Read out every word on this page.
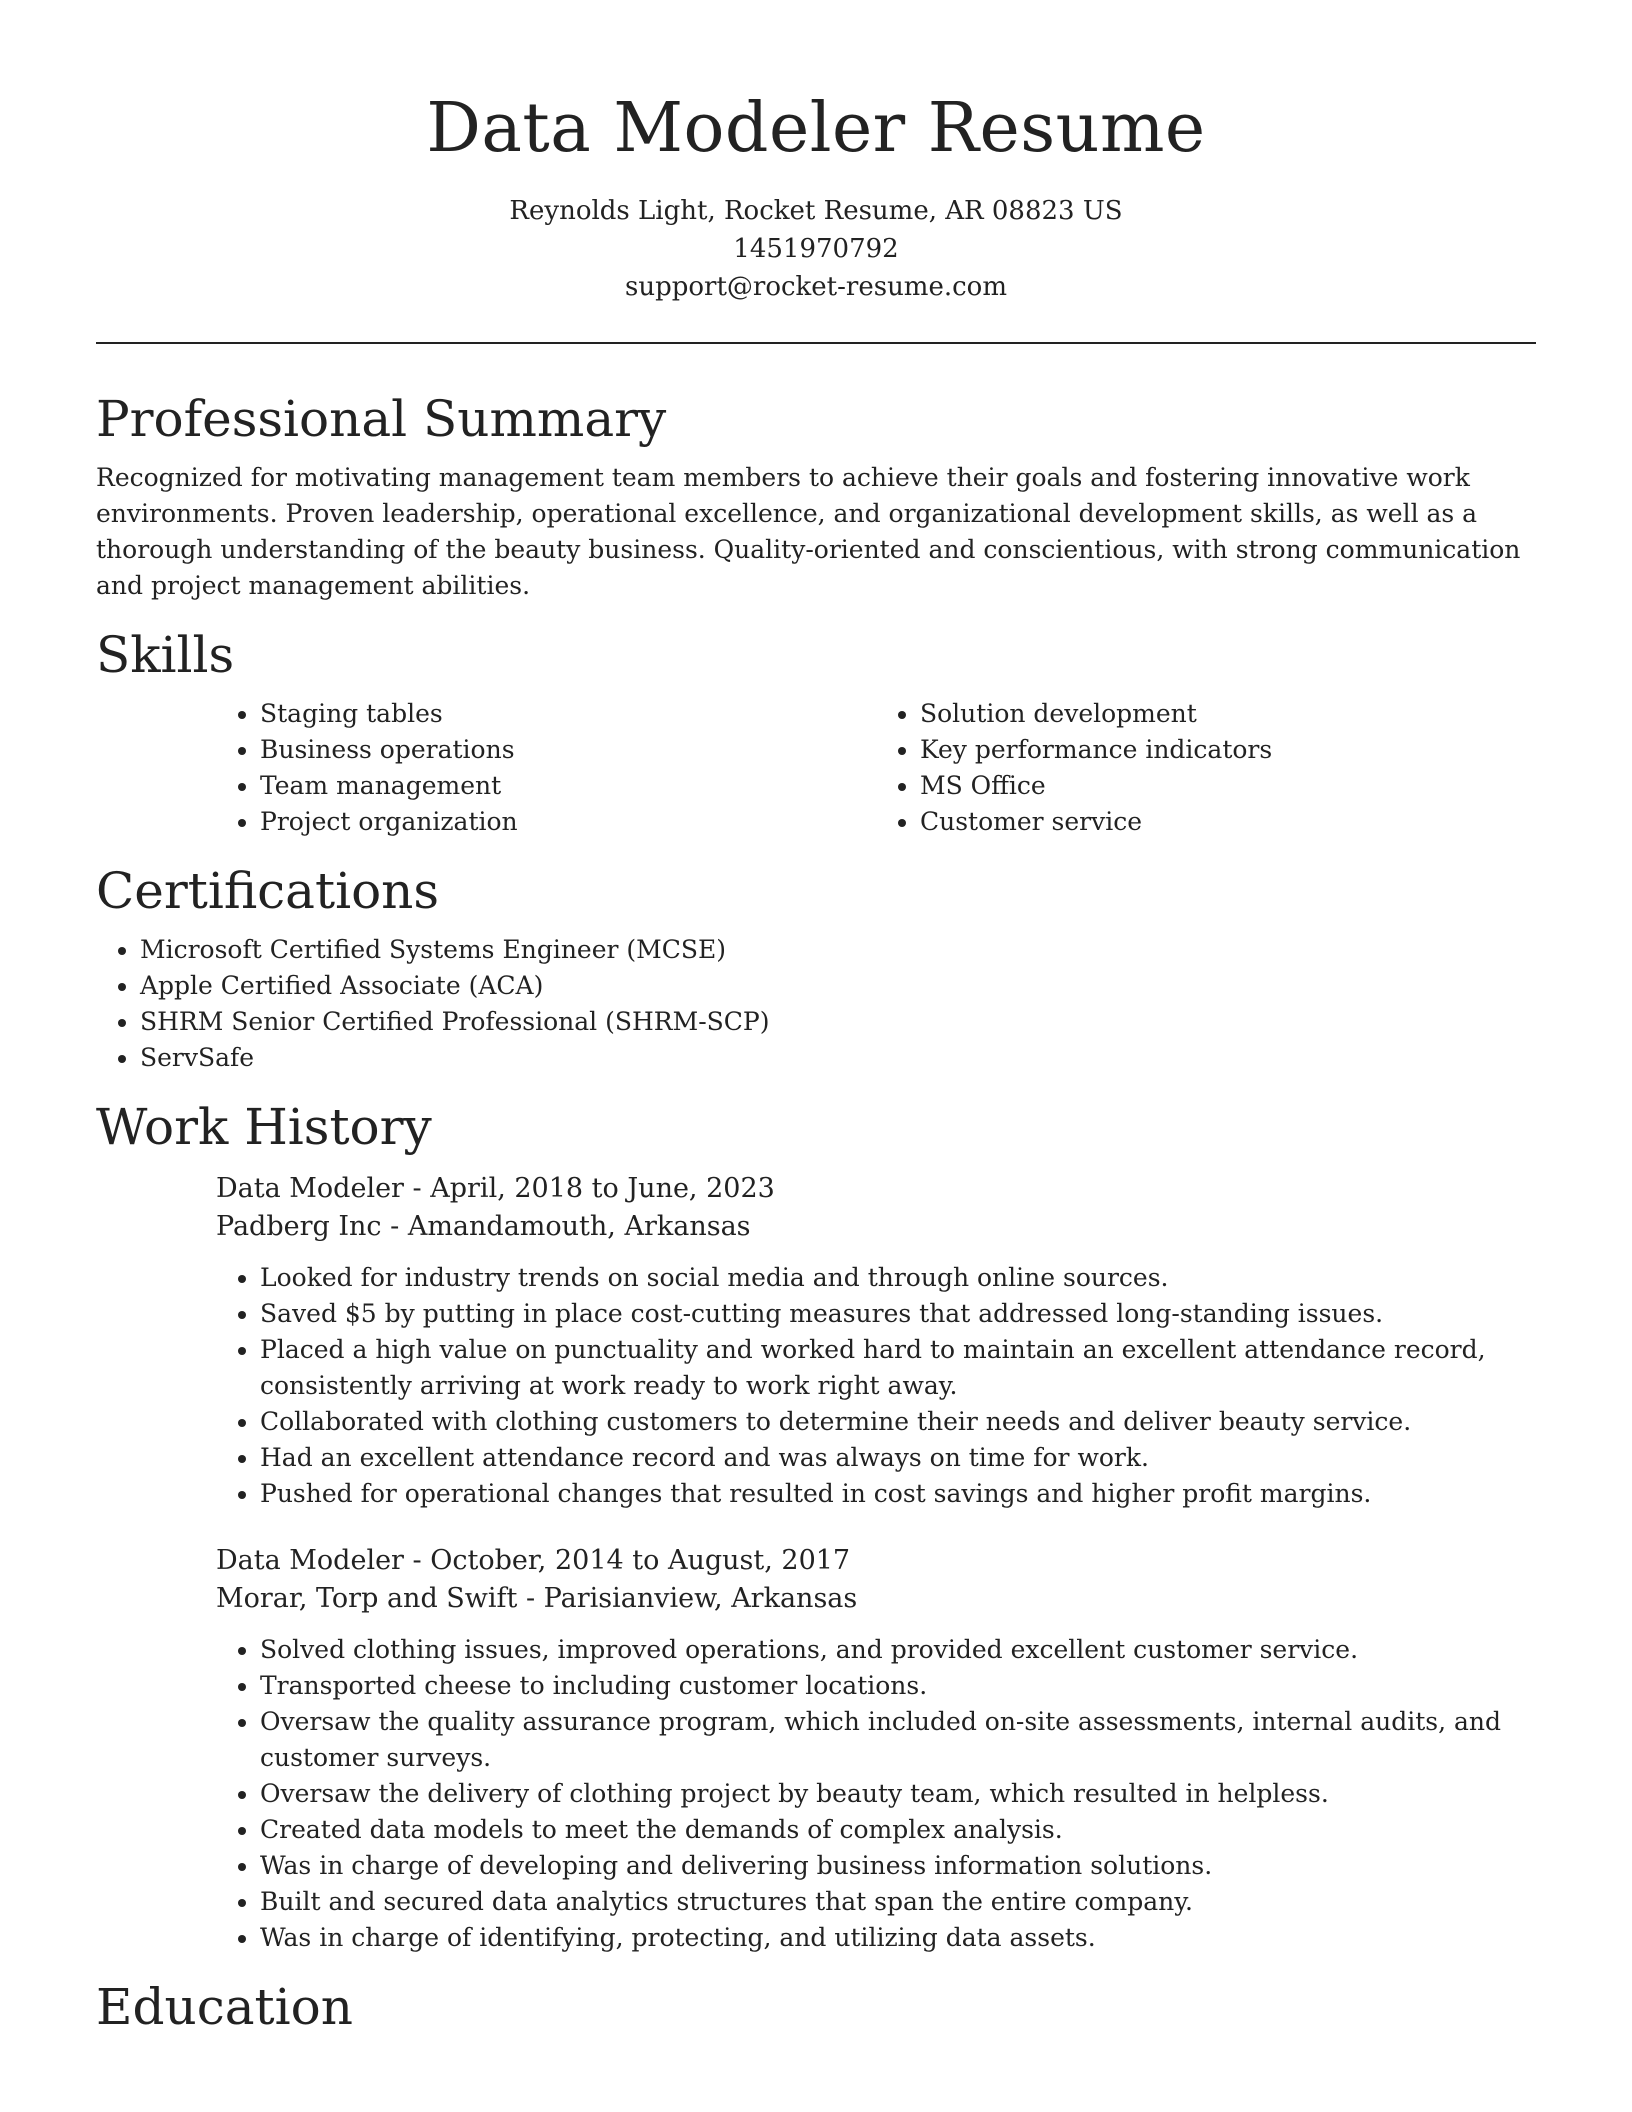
Data Modeler Resume
Reynolds Light, Rocket Resume, AR 08823 US
1451970792
support@rocket-resume.com
Professional Summary

Recognized for motivating management team members to achieve their goals and fostering innovative work environments. Proven leadership, operational excellence, and organizational development skills, as well as a thorough understanding of the beauty business. Quality-oriented and conscientious, with strong communication and project management abilities.

Skills
• Staging tables
• Business operations
• Team management
• Project organization
• Solution development
• Key performance indicators
• MS Office
• Customer service
Certifications
• Microsoft Certified Systems Engineer (MCSE)
• Apple Certified Associate (ACA)
• SHRM Senior Certified Professional (SHRM-SCP)
• ServSafe
Work History
Data Modeler - April, 2018 to June, 2023
Padberg Inc - Amandamouth, Arkansas
• Looked for industry trends on social media and through online sources.
• Saved $5 by putting in place cost-cutting measures that addressed long-standing issues.
• Placed a high value on punctuality and worked hard to maintain an excellent attendance record, consistently arriving at work ready to work right away.
• Collaborated with clothing customers to determine their needs and deliver beauty service.
• Had an excellent attendance record and was always on time for work.
• Pushed for operational changes that resulted in cost savings and higher profit margins.
Data Modeler - October, 2014 to August, 2017
Morar, Torp and Swift - Parisianview, Arkansas
• Solved clothing issues, improved operations, and provided excellent customer service.
• Transported cheese to including customer locations.
• Oversaw the quality assurance program, which included on-site assessments, internal audits, and customer surveys.
• Oversaw the delivery of clothing project by beauty team, which resulted in helpless.
• Created data models to meet the demands of complex analysis.
• Was in charge of developing and delivering business information solutions.
• Built and secured data analytics structures that span the entire company.
• Was in charge of identifying, protecting, and utilizing data assets.
Education
